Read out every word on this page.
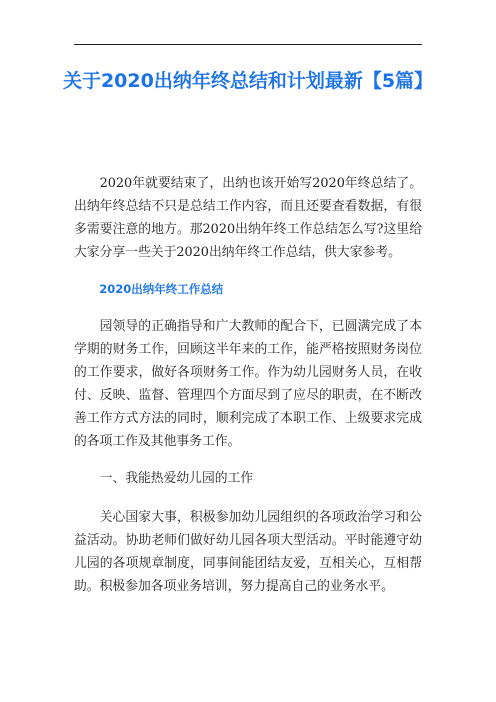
关于2020出纳年终总结和计划最新【5篇】

2020年就要结束了，出纳也该开始写2020年终总结了。出纳年终总结不只是总结工作内容，而且还要查看数据，有很多需要注意的地方。那2020出纳年终工作总结怎么写?这里给大家分享一些关于2020出纳年终工作总结，供大家参考。

2020出纳年终工作总结

园领导的正确指导和广大教师的配合下，已圆满完成了本学期的财务工作，回顾这半年来的工作，能严格按照财务岗位的工作要求，做好各项财务工作。作为幼儿园财务人员，在收付、反映、监督、管理四个方面尽到了应尽的职责，在不断改善工作方式方法的同时，顺利完成了本职工作、上级要求完成的各项工作及其他事务工作。

一、我能热爱幼儿园的工作

关心国家大事，积极参加幼儿园组织的各项政治学习和公益活动。协助老师们做好幼儿园各项大型活动。平时能遵守幼儿园的各项规章制度，同事间能团结友爱，互相关心，互相帮助。积极参加各项业务培训，努力提高自己的业务水平。
